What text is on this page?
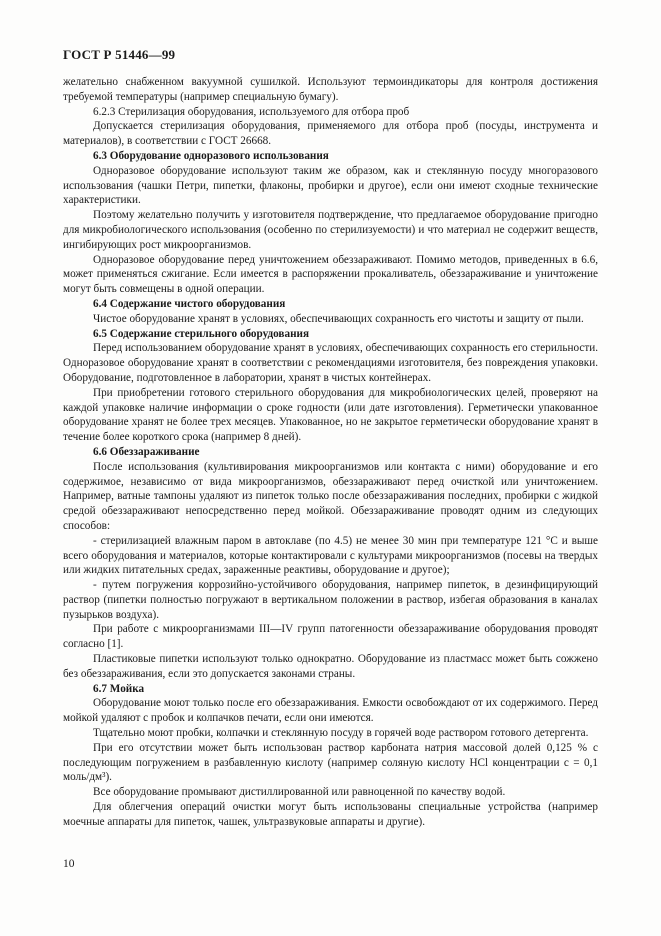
ГОСТ Р 51446—99

желательно снабженном вакуумной сушилкой. Используют термоиндикаторы для контроля достижения требуемой температуры (например специальную бумагу).

6.2.3 Стерилизация оборудования, используемого для отбора проб

Допускается стерилизация оборудования, применяемого для отбора проб (посуды, инструмента и материалов), в соответствии с ГОСТ 26668.

6.3 Оборудование одноразового использования

Одноразовое оборудование используют таким же образом, как и стеклянную посуду многоразового использования (чашки Петри, пипетки, флаконы, пробирки и другое), если они имеют сходные технические характеристики.

Поэтому желательно получить у изготовителя подтверждение, что предлагаемое оборудование пригодно для микробиологического использования (особенно по стерилизуемости) и что материал не содержит веществ, ингибирующих рост микроорганизмов.

Одноразовое оборудование перед уничтожением обеззараживают. Помимо методов, приведенных в 6.6, может применяться сжигание. Если имеется в распоряжении прокаливатель, обеззараживание и уничтожение могут быть совмещены в одной операции.

6.4 Содержание чистого оборудования

Чистое оборудование хранят в условиях, обеспечивающих сохранность его чистоты и защиту от пыли.

6.5 Содержание стерильного оборудования

Перед использованием оборудование хранят в условиях, обеспечивающих сохранность его стерильности. Одноразовое оборудование хранят в соответствии с рекомендациями изготовителя, без повреждения упаковки. Оборудование, подготовленное в лаборатории, хранят в чистых контейнерах.

При приобретении готового стерильного оборудования для микробиологических целей, проверяют на каждой упаковке наличие информации о сроке годности (или дате изготовления). Герметически упакованное оборудование хранят не более трех месяцев. Упакованное, но не закрытое герметически оборудование хранят в течение более короткого срока (например 8 дней).

6.6 Обеззараживание

После использования (культивирования микроорганизмов или контакта с ними) оборудование и его содержимое, независимо от вида микроорганизмов, обеззараживают перед очисткой или уничтожением. Например, ватные тампоны удаляют из пипеток только после обеззараживания последних, пробирки с жидкой средой обеззараживают непосредственно перед мойкой. Обеззараживание проводят одним из следующих способов:

- стерилизацией влажным паром в автоклаве (по 4.5) не менее 30 мин при температуре 121 °С и выше всего оборудования и материалов, которые контактировали с культурами микроорганизмов (посевы на твердых или жидких питательных средах, зараженные реактивы, оборудование и другое);

- путем погружения коррозийно-устойчивого оборудования, например пипеток, в дезинфицирующий раствор (пипетки полностью погружают в вертикальном положении в раствор, избегая образования в каналах пузырьков воздуха).

При работе с микроорганизмами III—IV групп патогенности обеззараживание оборудования проводят согласно [1].

Пластиковые пипетки используют только однократно. Оборудование из пластмасс может быть сожжено без обеззараживания, если это допускается законами страны.

6.7 Мойка

Оборудование моют только после его обеззараживания. Емкости освобождают от их содержимого. Перед мойкой удаляют с пробок и колпачков печати, если они имеются.

Тщательно моют пробки, колпачки и стеклянную посуду в горячей воде раствором готового детергента.

При его отсутствии может быть использован раствор карбоната натрия массовой долей 0,125 % с последующим погружением в разбавленную кислоту (например соляную кислоту HCl концентрации c = 0,1 моль/дм³).

Все оборудование промывают дистиллированной или равноценной по качеству водой.

Для облегчения операций очистки могут быть использованы специальные устройства (например моечные аппараты для пипеток, чашек, ультразвуковые аппараты и другие).

10
